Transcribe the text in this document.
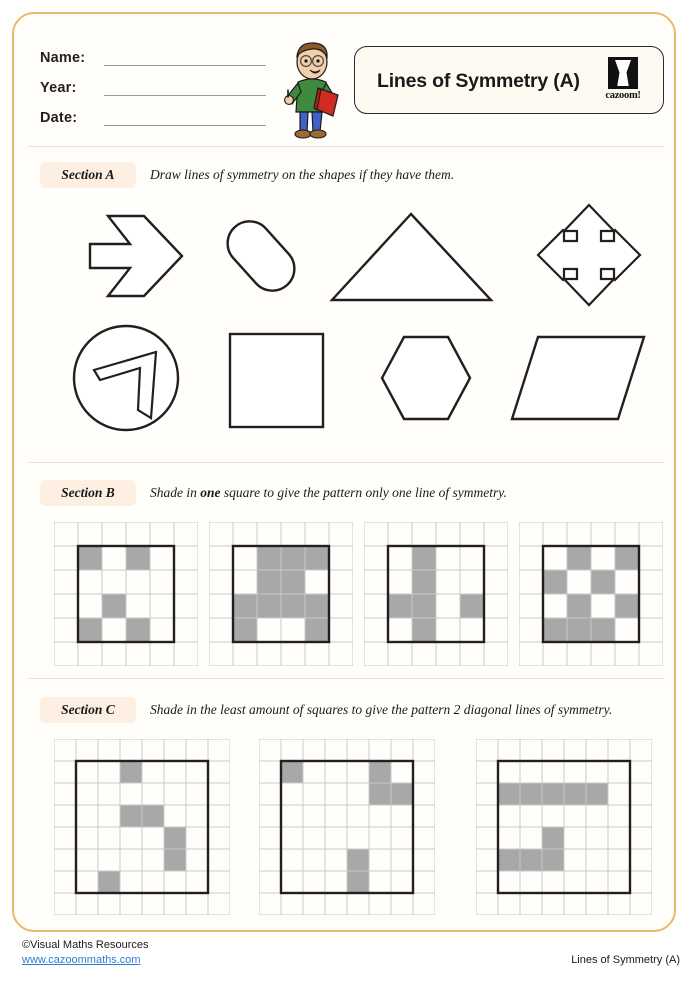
Name:
Year:
Date:
Lines of Symmetry (A)
cazoom!
Section A	Draw lines of symmetry on the shapes if they have them.
Section B	Shade in one square to give the pattern only one line of symmetry.
Section C	Shade in the least amount of squares to give the pattern 2 diagonal lines of symmetry.
©Visual Maths Resources
www.cazoommaths.com	Lines of Symmetry (A)
